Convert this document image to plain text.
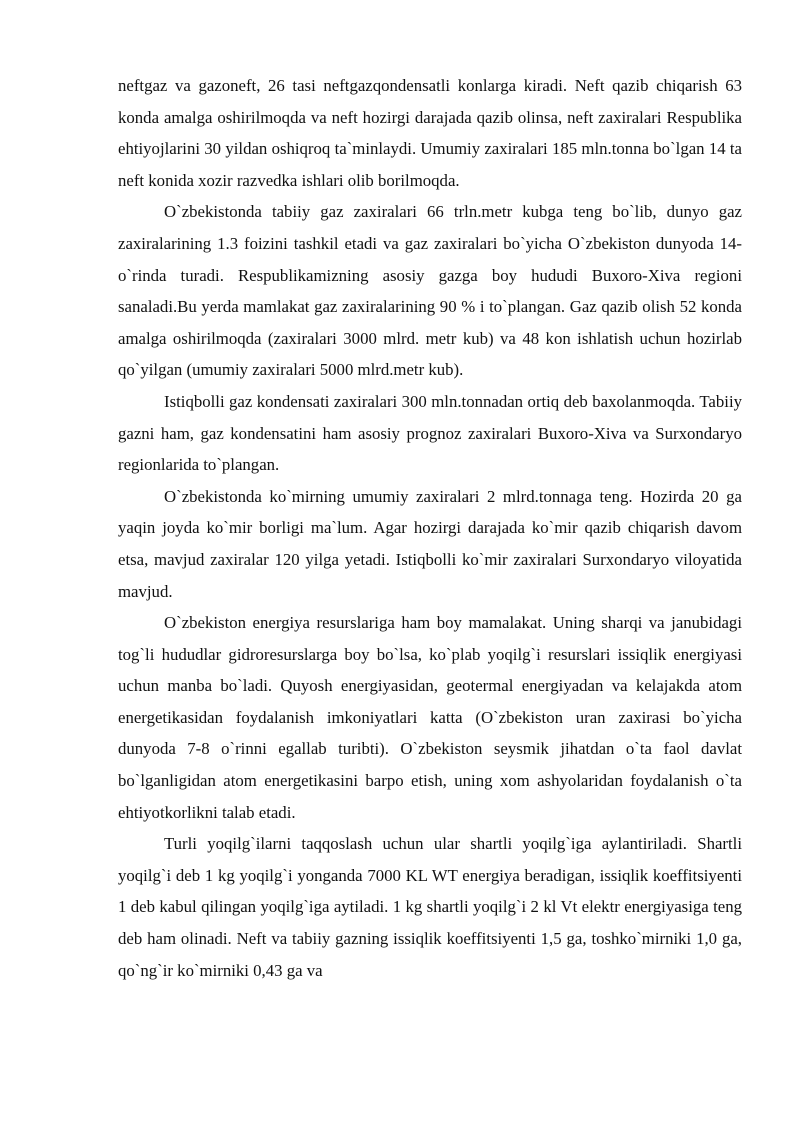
neftgaz va gazoneft, 26 tasi neftgazqondensatli konlarga kiradi. Neft qazib chiqarish 63 konda amalga oshirilmoqda va neft hozirgi darajada qazib olinsa, neft zaxiralari Respublika ehtiyojlarini 30 yildan oshiqroq ta`minlaydi. Umumiy zaxiralari 185 mln.tonna bo`lgan 14 ta neft konida xozir razvedka ishlari olib borilmoqda.

O`zbekistonda tabiiy gaz zaxiralari 66 trln.metr kubga teng bo`lib, dunyo gaz zaxiralarining 1.3 foizini tashkil etadi va gaz zaxiralari bo`yicha O`zbekiston dunyoda 14-o`rinda turadi. Respublikamizning asosiy gazga boy hududi Buxoro-Xiva regioni sanaladi.Bu yerda mamlakat gaz zaxiralarining 90 % i to`plangan. Gaz qazib olish 52 konda amalga oshirilmoqda (zaxiralari 3000 mlrd. metr kub) va 48 kon ishlatish uchun hozirlab qo`yilgan (umumiy zaxiralari 5000 mlrd.metr kub).

Istiqbolli gaz kondensati zaxiralari 300 mln.tonnadan ortiq deb baxolanmoqda. Tabiiy gazni ham, gaz kondensatini ham asosiy prognoz zaxiralari Buxoro-Xiva va Surxondaryo regionlarida to`plangan.

O`zbekistonda ko`mirning umumiy zaxiralari 2 mlrd.tonnaga teng. Hozirda 20 ga yaqin joyda ko`mir borligi ma`lum. Agar hozirgi darajada ko`mir qazib chiqarish davom etsa, mavjud zaxiralar 120 yilga yetadi. Istiqbolli ko`mir zaxiralari Surxondaryo viloyatida mavjud.

O`zbekiston energiya resurslariga ham boy mamalakat. Uning sharqi va janubidagi tog`li hududlar gidroresurslarga boy bo`lsa, ko`plab yoqilg`i resurslari issiqlik energiyasi uchun manba bo`ladi. Quyosh energiyasidan, geotermal energiyadan va kelajakda atom energetikasidan foydalanish imkoniyatlari katta (O`zbekiston uran zaxirasi bo`yicha dunyoda 7-8 o`rinni egallab turibti). O`zbekiston seysmik jihatdan o`ta faol davlat bo`lganligidan atom energetikasini barpo etish, uning xom ashyolaridan foydalanish o`ta ehtiyotkorlikni talab etadi.

Turli yoqilg`ilarni taqqoslash uchun ular shartli yoqilg`iga aylantiriladi. Shartli yoqilg`i deb 1 kg yoqilg`i yonganda 7000 KL WT energiya beradigan, issiqlik koeffitsiyenti 1 deb kabul qilingan yoqilg`iga aytiladi. 1 kg shartli yoqilg`i 2 kl Vt elektr energiyasiga teng deb ham olinadi. Neft va tabiiy gazning issiqlik koeffitsiyenti 1,5 ga, toshko`mirniki 1,0 ga, qo`ng`ir ko`mirniki 0,43 ga va
